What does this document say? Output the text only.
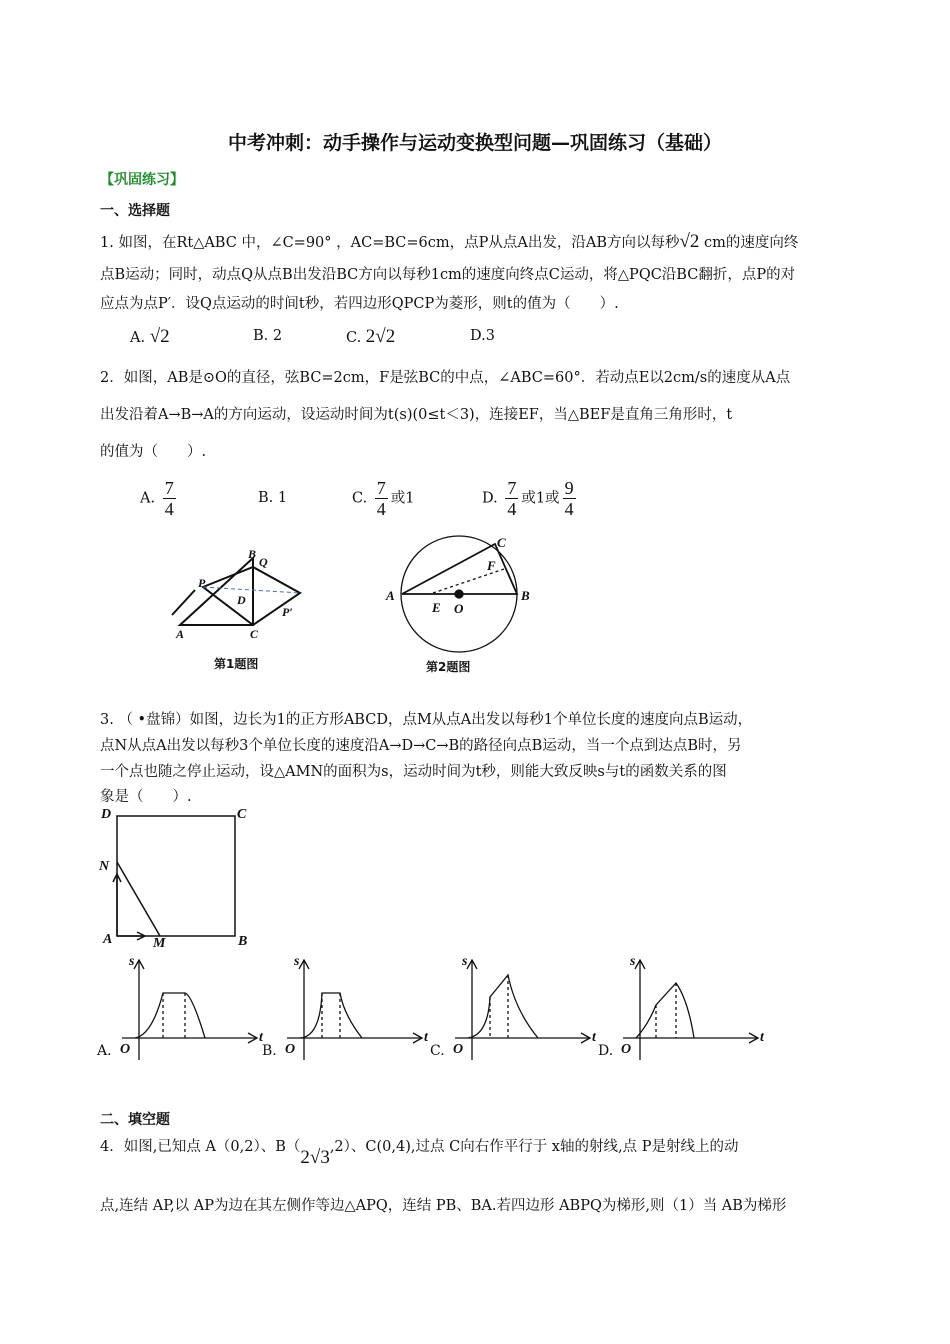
中考冲刺：动手操作与运动变换型问题—巩固练习（基础）
【巩固练习】
一、选择题
1. 如图，在Rt△ABC 中，∠C=90° ，AC=BC=6cm，点P从点A出发，沿AB方向以每秒√2 cm的速度向终
点B运动；同时，动点Q从点B出发沿BC方向以每秒1cm的速度向终点C运动，将△PQC沿BC翻折，点P的对
应点为点P′．设Q点运动的时间t秒，若四边形QPCP为菱形，则t的值为（　　）.
A. √2	B. 2	C. 2√2	D.3
2．如图，AB是⊙O的直径，弦BC=2cm，F是弦BC的中点，∠ABC=60°．若动点E以2cm/s的速度从A点
出发沿着A→B→A的方向运动，设运动时间为t(s)(0≤t＜3)，连接EF，当△BEF是直角三角形时，t
的值为（　　）.
A. $\frac{7}{4}$	B. 1	C. $\frac{7}{4}$ 或1	D. $\frac{7}{4}$ 或1或 $\frac{9}{4}$
A
B
C
P
Q
D
P′
第1题图
A	B
C
E
F
O
第2题图
3. （ •盘锦）如图，边长为1的正方形ABCD，点M从点A出发以每秒1个单位长度的速度向点B运动，
点N从点A出发以每秒3个单位长度的速度沿A→D→C→B的路径向点B运动，当一个点到达点B时，另
一个点也随之停止运动，设△AMN的面积为s，运动时间为t秒，则能大致反映s与t的函数关系的图
象是（　　）.
D	C
N
A	M	B
A.
s
t
O	B.
s
t
O	C.
s
t
O	D.
s
t
O
二、填空题
4．如图,已知点 A（0,2）、B（2√3,2）、C(0,4),过点 C向右作平行于 x轴的射线,点 P是射线上的动
点,连结 AP,以 AP为边在其左侧作等边△APQ，连结 PB、BA.若四边形 ABPQ为梯形,则（1）当 AB为梯形
